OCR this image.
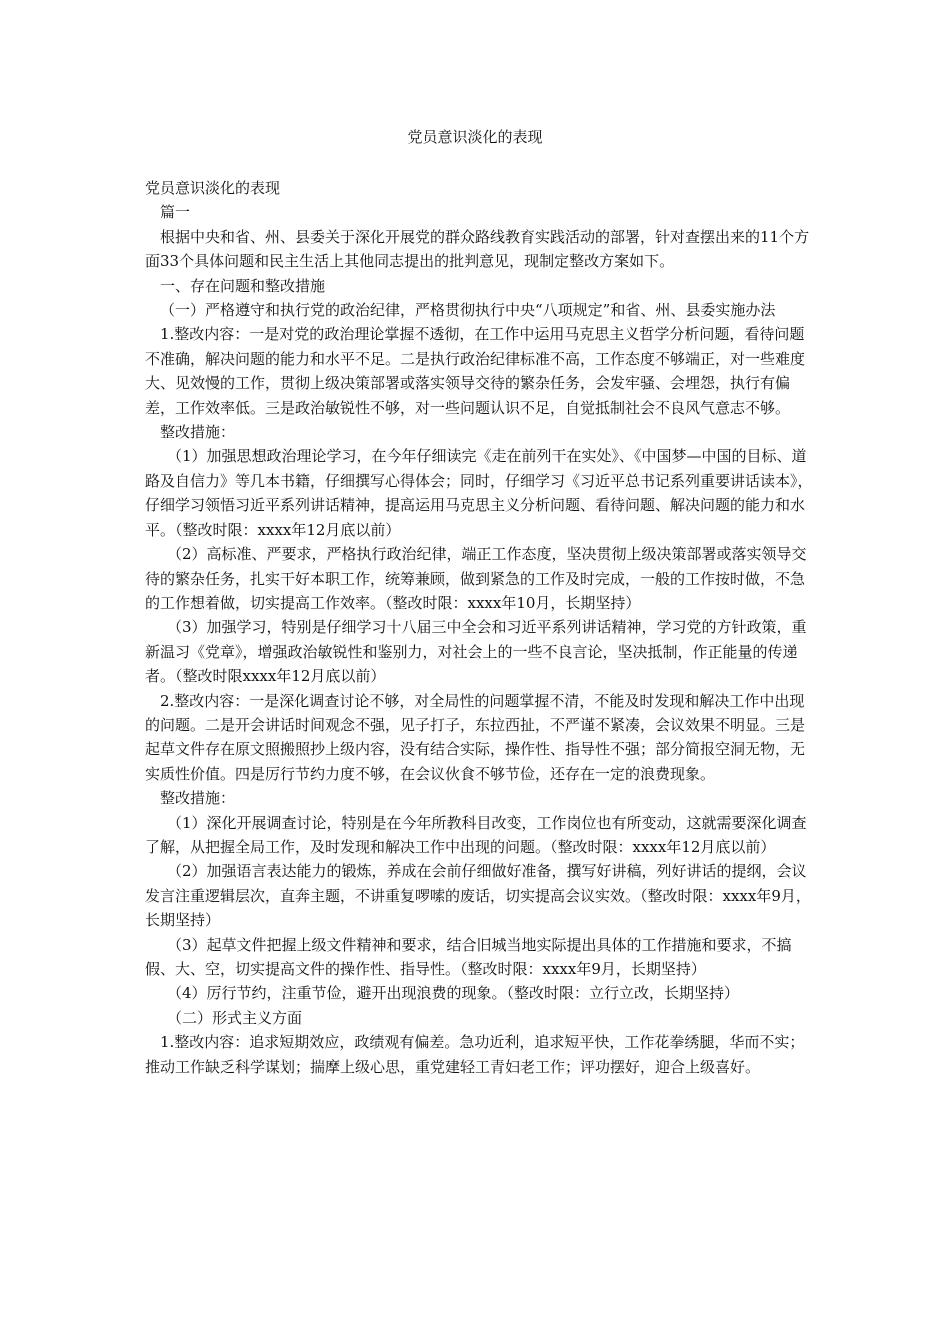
党员意识淡化的表现

党员意识淡化的表现

篇一

根据中央和省、州、县委关于深化开展党的群众路线教育实践活动的部署，针对查摆出来的11个方面33个具体问题和民主生活上其他同志提出的批判意见，现制定整改方案如下。

一、存在问题和整改措施

（一）严格遵守和执行党的政治纪律，严格贯彻执行中央“八项规定”和省、州、县委实施办法

1.整改内容：一是对党的政治理论掌握不透彻，在工作中运用马克思主义哲学分析问题，看待问题不准确，解决问题的能力和水平不足。二是执行政治纪律标准不高，工作态度不够端正，对一些难度大、见效慢的工作，贯彻上级决策部署或落实领导交待的繁杂任务，会发牢骚、会埋怨，执行有偏差，工作效率低。三是政治敏锐性不够，对一些问题认识不足，自觉抵制社会不良风气意志不够。

整改措施：

（1）加强思想政治理论学习，在今年仔细读完《走在前列干在实处》、《中国梦—中国的目标、道路及自信力》等几本书籍，仔细撰写心得体会；同时，仔细学习《习近平总书记系列重要讲话读本》，仔细学习领悟习近平系列讲话精神，提高运用马克思主义分析问题、看待问题、解决问题的能力和水平。（整改时限：xxxx年12月底以前）

（2）高标准、严要求，严格执行政治纪律，端正工作态度，坚决贯彻上级决策部署或落实领导交待的繁杂任务，扎实干好本职工作，统筹兼顾，做到紧急的工作及时完成，一般的工作按时做，不急的工作想着做，切实提高工作效率。（整改时限：xxxx年10月，长期坚持）

（3）加强学习，特别是仔细学习十八届三中全会和习近平系列讲话精神，学习党的方针政策，重新温习《党章》，增强政治敏锐性和鉴别力，对社会上的一些不良言论，坚决抵制，作正能量的传递者。（整改时限xxxx年12月底以前）

2.整改内容：一是深化调查讨论不够，对全局性的问题掌握不清，不能及时发现和解决工作中出现的问题。二是开会讲话时间观念不强，见子打子，东拉西扯，不严谨不紧凑，会议效果不明显。三是起草文件存在原文照搬照抄上级内容，没有结合实际，操作性、指导性不强；部分简报空洞无物，无实质性价值。四是厉行节约力度不够，在会议伙食不够节俭，还存在一定的浪费现象。

整改措施：

（1）深化开展调查讨论，特别是在今年所教科目改变，工作岗位也有所变动，这就需要深化调查了解，从把握全局工作，及时发现和解决工作中出现的问题。（整改时限：xxxx年12月底以前）

（2）加强语言表达能力的锻炼，养成在会前仔细做好准备，撰写好讲稿，列好讲话的提纲，会议发言注重逻辑层次，直奔主题，不讲重复啰嗦的废话，切实提高会议实效。（整改时限：xxxx年9月，长期坚持）

（3）起草文件把握上级文件精神和要求，结合旧城当地实际提出具体的工作措施和要求，不搞假、大、空，切实提高文件的操作性、指导性。（整改时限：xxxx年9月，长期坚持）

（4）厉行节约，注重节俭，避开出现浪费的现象。（整改时限：立行立改，长期坚持）

（二）形式主义方面

1.整改内容：追求短期效应，政绩观有偏差。急功近利，追求短平快，工作花拳绣腿，华而不实；推动工作缺乏科学谋划；揣摩上级心思，重党建轻工青妇老工作；评功摆好，迎合上级喜好。
